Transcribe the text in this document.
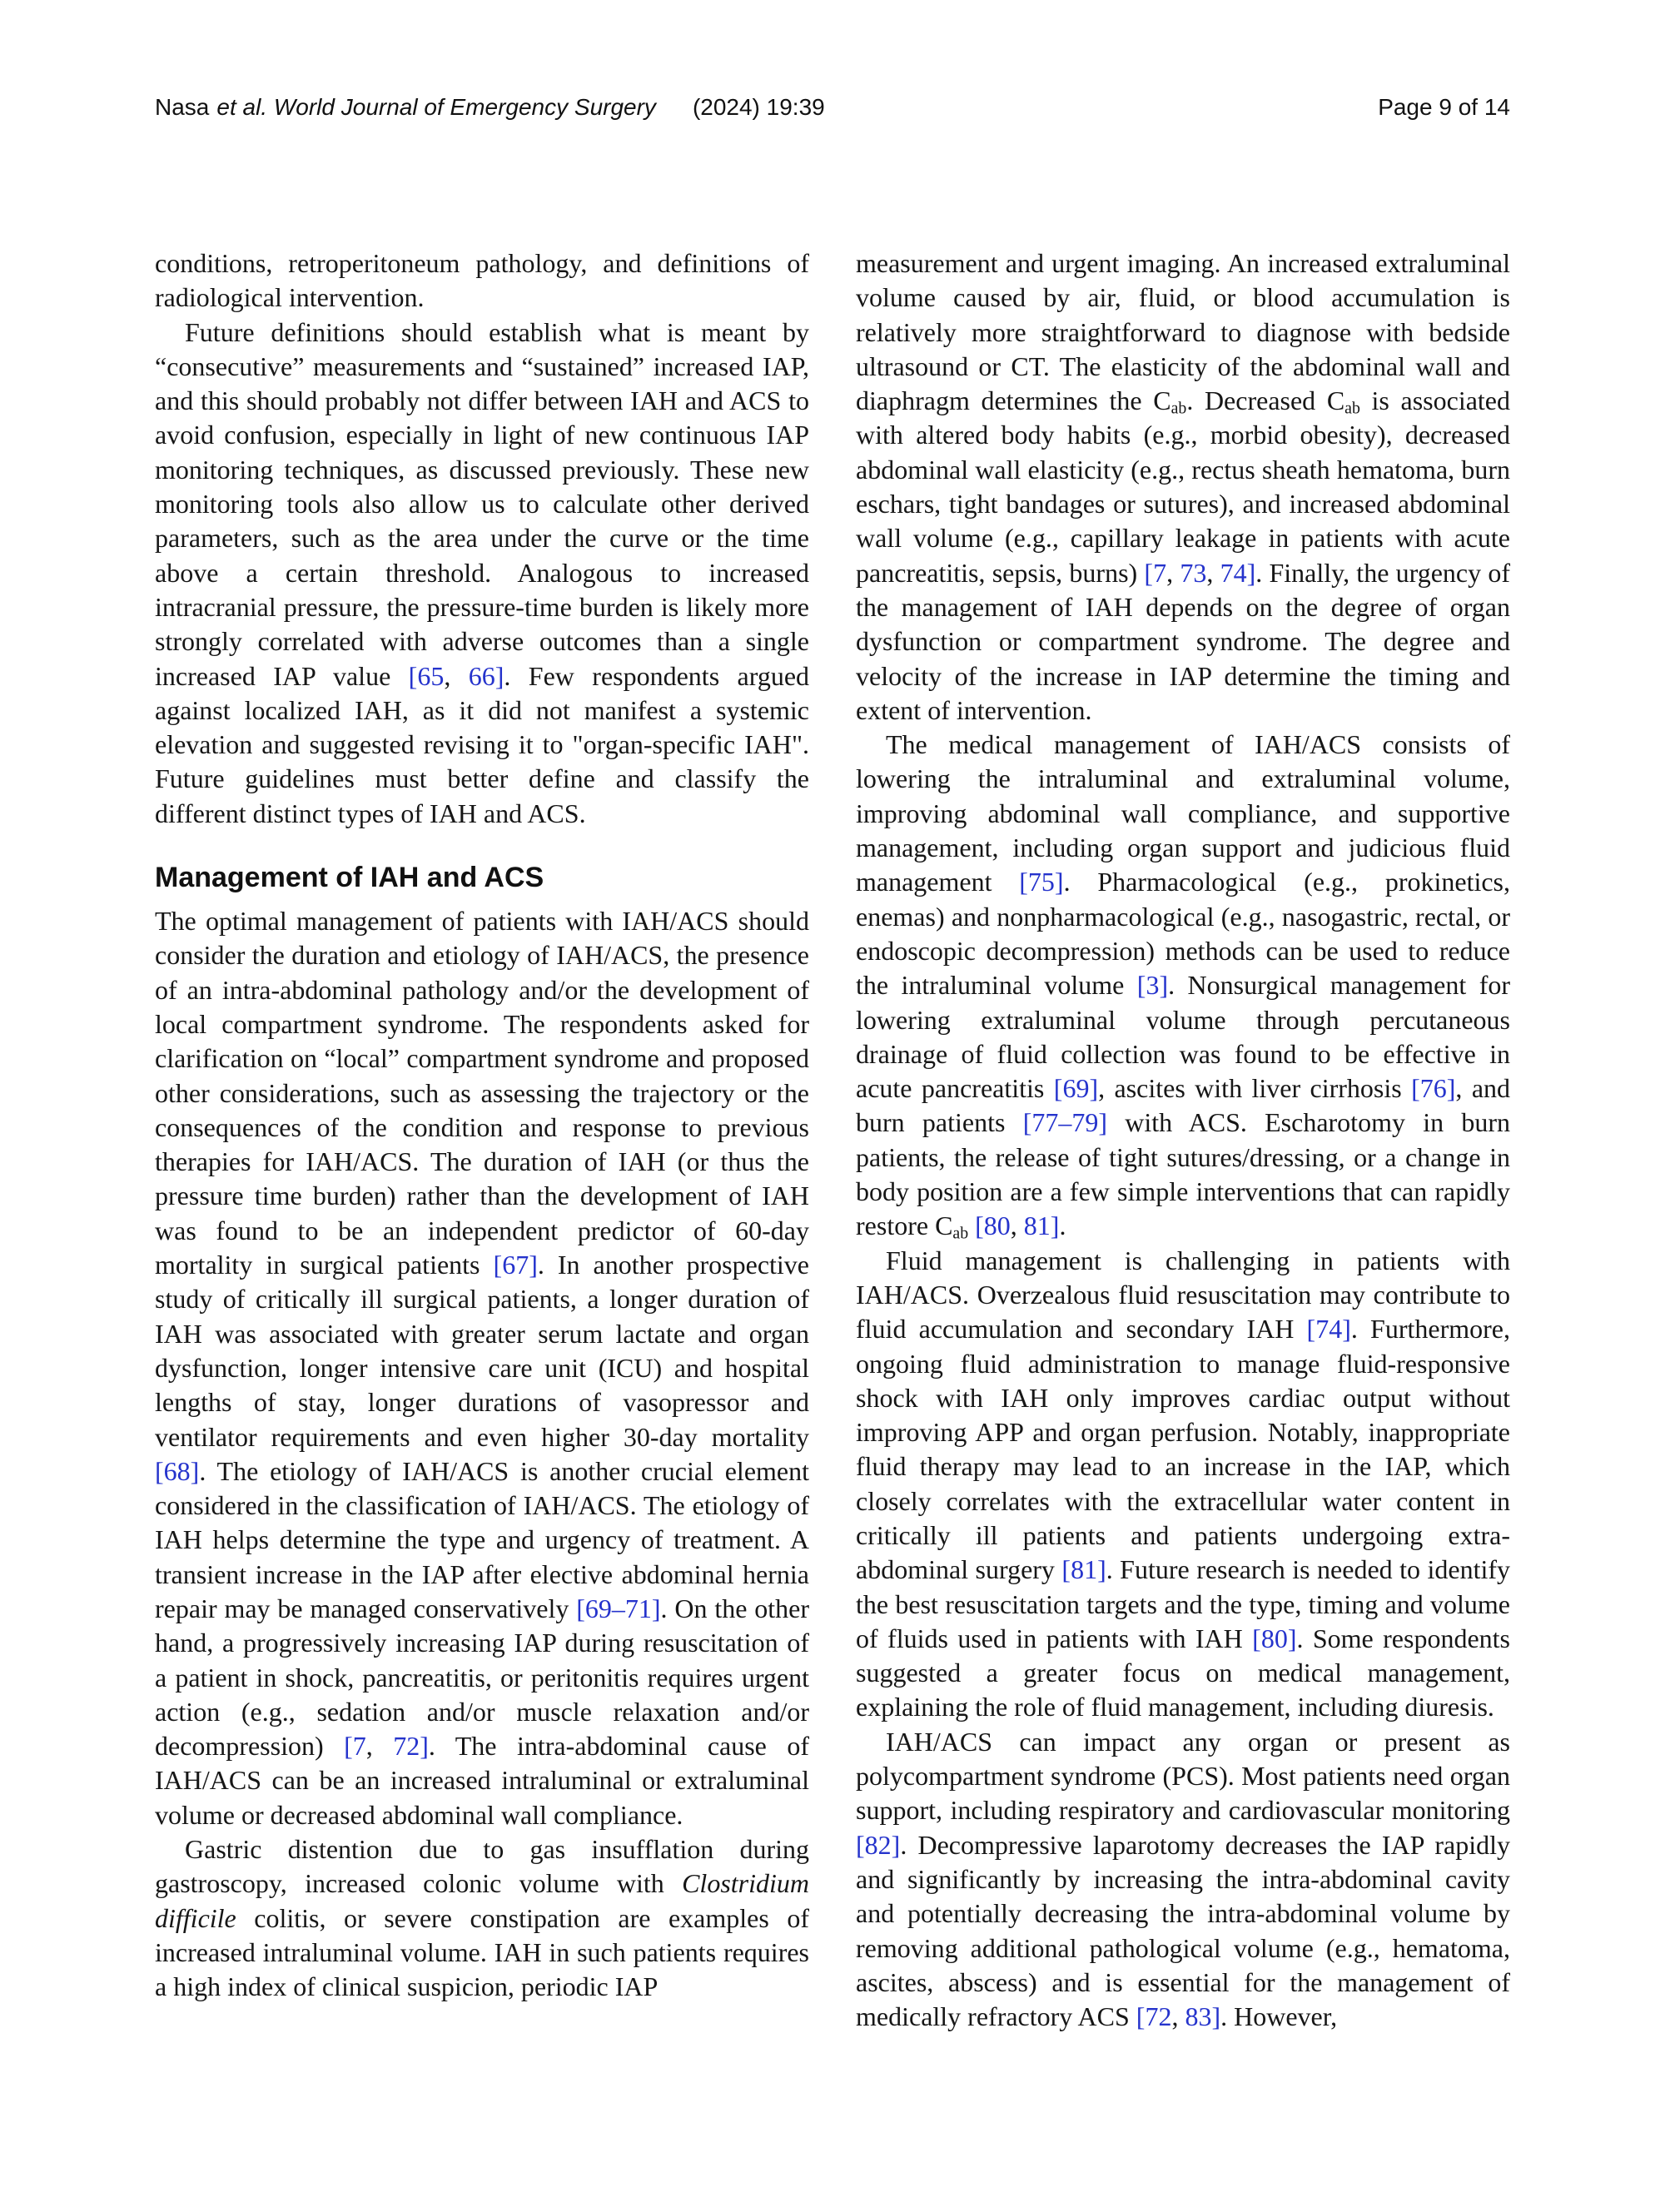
Nasa et al. World Journal of Emergency Surgery (2024) 19:39	Page 9 of 14

conditions, retroperitoneum pathology, and definitions of radiological intervention.

Future definitions should establish what is meant by “consecutive” measurements and “sustained” increased IAP, and this should probably not differ between IAH and ACS to avoid confusion, especially in light of new continuous IAP monitoring techniques, as discussed previously. These new monitoring tools also allow us to calculate other derived parameters, such as the area under the curve or the time above a certain threshold. Analogous to increased intracranial pressure, the pressure-time burden is likely more strongly correlated with adverse outcomes than a single increased IAP value [65, 66]. Few respondents argued against localized IAH, as it did not manifest a systemic elevation and suggested revising it to "organ-specific IAH". Future guidelines must better define and classify the different distinct types of IAH and ACS.

Management of IAH and ACS

The optimal management of patients with IAH/ACS should consider the duration and etiology of IAH/ACS, the presence of an intra-abdominal pathology and/or the development of local compartment syndrome. The respondents asked for clarification on “local” compartment syndrome and proposed other considerations, such as assessing the trajectory or the consequences of the condition and response to previous therapies for IAH/ACS. The duration of IAH (or thus the pressure time burden) rather than the development of IAH was found to be an independent predictor of 60-day mortality in surgical patients [67]. In another prospective study of critically ill surgical patients, a longer duration of IAH was associated with greater serum lactate and organ dysfunction, longer intensive care unit (ICU) and hospital lengths of stay, longer durations of vasopressor and ventilator requirements and even higher 30-day mortality [68]. The etiology of IAH/ACS is another crucial element considered in the classification of IAH/ACS. The etiology of IAH helps determine the type and urgency of treatment. A transient increase in the IAP after elective abdominal hernia repair may be managed conservatively [69–71]. On the other hand, a progressively increasing IAP during resuscitation of a patient in shock, pancreatitis, or peritonitis requires urgent action (e.g., sedation and/or muscle relaxation and/or decompression) [7, 72]. The intra-abdominal cause of IAH/ACS can be an increased intraluminal or extraluminal volume or decreased abdominal wall compliance.

Gastric distention due to gas insufflation during gastroscopy, increased colonic volume with Clostridium difficile colitis, or severe constipation are examples of increased intraluminal volume. IAH in such patients requires a high index of clinical suspicion, periodic IAP

measurement and urgent imaging. An increased extraluminal volume caused by air, fluid, or blood accumulation is relatively more straightforward to diagnose with bedside ultrasound or CT. The elasticity of the abdominal wall and diaphragm determines the $C_{ab}$. Decreased $C_{ab}$ is associated with altered body habits (e.g., morbid obesity), decreased abdominal wall elasticity (e.g., rectus sheath hematoma, burn eschars, tight bandages or sutures), and increased abdominal wall volume (e.g., capillary leakage in patients with acute pancreatitis, sepsis, burns) [7, 73, 74]. Finally, the urgency of the management of IAH depends on the degree of organ dysfunction or compartment syndrome. The degree and velocity of the increase in IAP determine the timing and extent of intervention.

The medical management of IAH/ACS consists of lowering the intraluminal and extraluminal volume, improving abdominal wall compliance, and supportive management, including organ support and judicious fluid management [75]. Pharmacological (e.g., prokinetics, enemas) and nonpharmacological (e.g., nasogastric, rectal, or endoscopic decompression) methods can be used to reduce the intraluminal volume [3]. Nonsurgical management for lowering extraluminal volume through percutaneous drainage of fluid collection was found to be effective in acute pancreatitis [69], ascites with liver cirrhosis [76], and burn patients [77–79] with ACS. Escharotomy in burn patients, the release of tight sutures/dressing, or a change in body position are a few simple interventions that can rapidly restore $C_{ab}$ [80, 81].

Fluid management is challenging in patients with IAH/ACS. Overzealous fluid resuscitation may contribute to fluid accumulation and secondary IAH [74]. Furthermore, ongoing fluid administration to manage fluid-responsive shock with IAH only improves cardiac output without improving APP and organ perfusion. Notably, inappropriate fluid therapy may lead to an increase in the IAP, which closely correlates with the extracellular water content in critically ill patients and patients undergoing extra-abdominal surgery [81]. Future research is needed to identify the best resuscitation targets and the type, timing and volume of fluids used in patients with IAH [80]. Some respondents suggested a greater focus on medical management, explaining the role of fluid management, including diuresis.

IAH/ACS can impact any organ or present as polycompartment syndrome (PCS). Most patients need organ support, including respiratory and cardiovascular monitoring [82]. Decompressive laparotomy decreases the IAP rapidly and significantly by increasing the intra-abdominal cavity and potentially decreasing the intra-abdominal volume by removing additional pathological volume (e.g., hematoma, ascites, abscess) and is essential for the management of medically refractory ACS [72, 83]. However,
